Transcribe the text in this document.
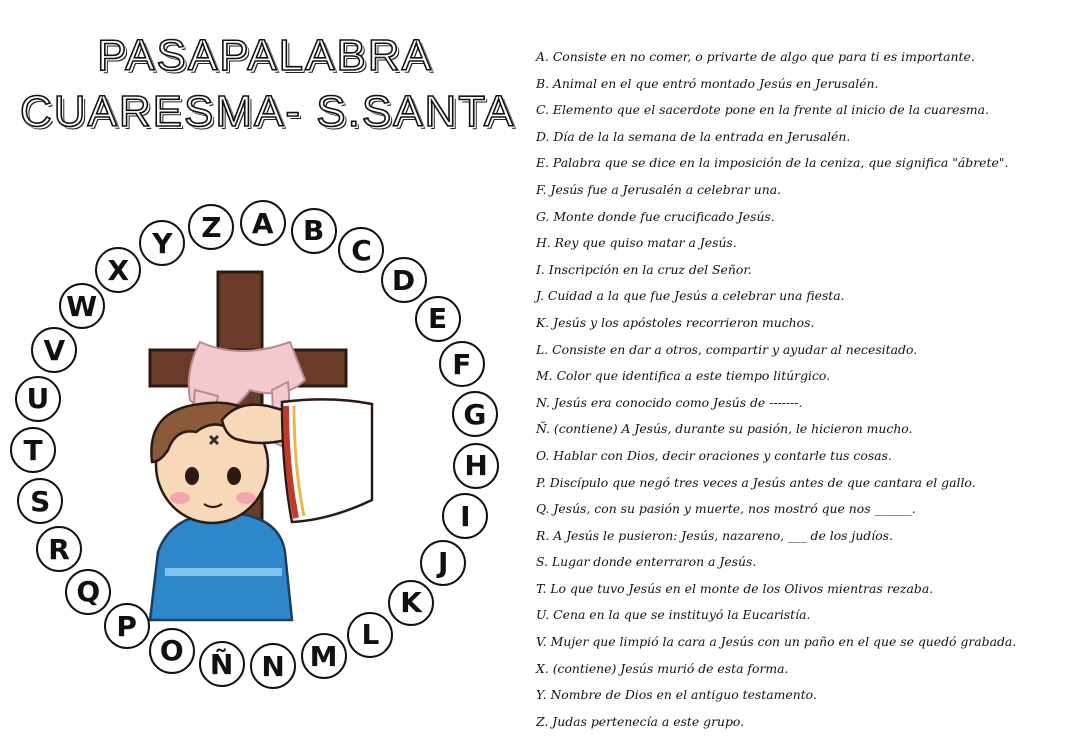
PASAPALABRA
CUARESMA- S.SANTA
A	B
C
D
E
F
G
H
I
J
K
L
M
N
Ñ
O
P
Q
R
S
T
U
V
W
X
Y	Z
A. Consiste en no comer, o privarte de algo que para ti es importante.
B. Animal en el que entró montado Jesús en Jerusalén.
C. Elemento que el sacerdote pone en la frente al inicio de la cuaresma.
D. Día de la la semana de la entrada en Jerusalén.
E. Palabra que se dice en la imposición de la ceniza, que significa "ábrete".
F. Jesús fue a Jerusalén a celebrar una.
G. Monte donde fue crucificado Jesús.
H. Rey que quiso matar a Jesús.
I. Inscripción en la cruz del Señor.
J. Cuidad a la que fue Jesús a celebrar una fiesta.
K. Jesús y los apóstoles recorrieron muchos.
L. Consiste en dar a otros, compartir y ayudar al necesitado.
M. Color que identifica a este tiempo litúrgico.
N. Jesús era conocido como Jesús de -------.
Ñ. (contiene) A Jesús, durante su pasión, le hicieron mucho.
O. Hablar con Dios, decir oraciones y contarle tus cosas.
P. Discípulo que negó tres veces a Jesús antes de que cantara el gallo.
Q. Jesús, con su pasión y muerte, nos mostró que nos ______.
R. A Jesús le pusieron: Jesús, nazareno, ___ de los judíos.
S. Lugar donde enterraron a Jesús.
T. Lo que tuvo Jesús en el monte de los Olivos mientras rezaba.
U. Cena en la que se instituyó la Eucaristía.
V. Mujer que limpió la cara a Jesús con un paño en el que se quedó grabada.
X. (contiene) Jesús murió de esta forma.
Y. Nombre de Dios en el antiguo testamento.
Z. Judas pertenecía a este grupo.
